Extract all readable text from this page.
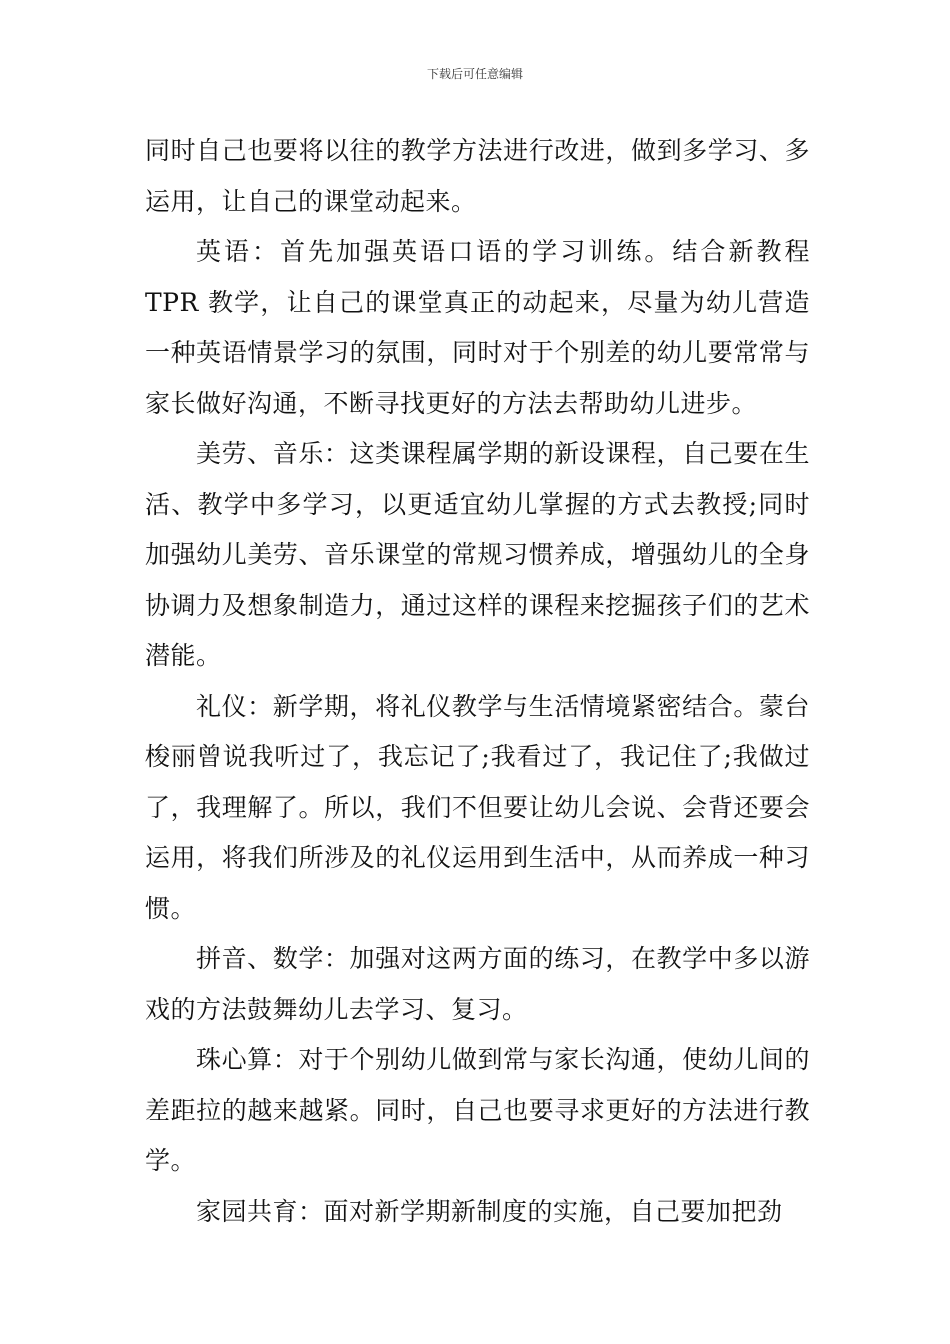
下载后可任意编辑

同时自己也要将以往的教学方法进行改进，做到多学习、多运用，让自己的课堂动起来。

英语：首先加强英语口语的学习训练。结合新教程 TPR 教学，让自己的课堂真正的动起来，尽量为幼儿营造一种英语情景学习的氛围，同时对于个别差的幼儿要常常与家长做好沟通，不断寻找更好的方法去帮助幼儿进步。

美劳、音乐：这类课程属学期的新设课程，自己要在生活、教学中多学习，以更适宜幼儿掌握的方式去教授;同时加强幼儿美劳、音乐课堂的常规习惯养成，增强幼儿的全身协调力及想象制造力，通过这样的课程来挖掘孩子们的艺术潜能。

礼仪：新学期，将礼仪教学与生活情境紧密结合。蒙台梭丽曾说我听过了，我忘记了;我看过了，我记住了;我做过了，我理解了。所以，我们不但要让幼儿会说、会背还要会运用，将我们所涉及的礼仪运用到生活中，从而养成一种习惯。

拼音、数学：加强对这两方面的练习，在教学中多以游戏的方法鼓舞幼儿去学习、复习。

珠心算：对于个别幼儿做到常与家长沟通，使幼儿间的差距拉的越来越紧。同时，自己也要寻求更好的方法进行教学。

家园共育：面对新学期新制度的实施，自己要加把劲
